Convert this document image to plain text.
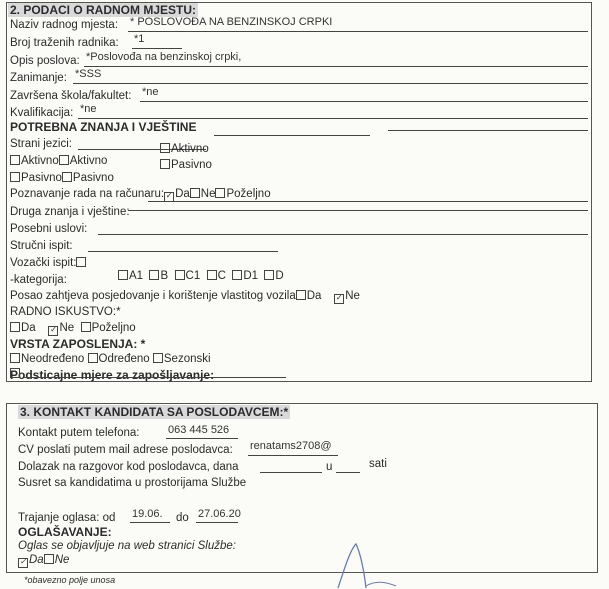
2. PODACI O RADNOM MJESTU:
Naziv radnog mjesta: * POSLOVOĐA NA BENZINSKOJ CRPKI
Broj traženih radnika: *1
Opis poslova: *Poslovođa na benzinskoj crpki,
Zanimanje: *SSS
Završena škola/fakultet: *ne
Kvalifikacija: *ne
POTREBNA ZNANJA I VJEŠTINE
Strani jezici:
Aktivno Aktivno
Aktivno
Pasivno Pasivno
Pasivno
Poznavanje rada na računaru: ✓ Da Ne Poželjno
Druga znanja i vještine:
Posebni uslovi:
Stručni ispit:
Vozački ispit:
-kategorija:	A1 B C1 C D1 D
Posao zahtjeva posjedovanje i korištenje vlastitog vozila Da ✓ Ne
RADNO ISKUSTVO:*
Da ✓ Ne Poželjno
VRSTA ZAPOSLENJA: *
Neodređeno Određeno Sezonski
Podsticajne mjere za zapošljavanje:
3. KONTAKT KANDIDATA SA POSLODAVCEM:*
Kontakt putem telefona:	063 445 526
CV poslati putem mail adrese poslodavca: renatams2708@
Dolazak na razgovor kod poslodavca, dana	u	sati
Susret sa kandidatima u prostorijama Službe
Trajanje oglasa: od 19.06. do 27.06.20
OGLAŠAVANJE:
Oglas se objavljuje na web stranici Službe:
✓Da Ne
*obavezno polje unosa
